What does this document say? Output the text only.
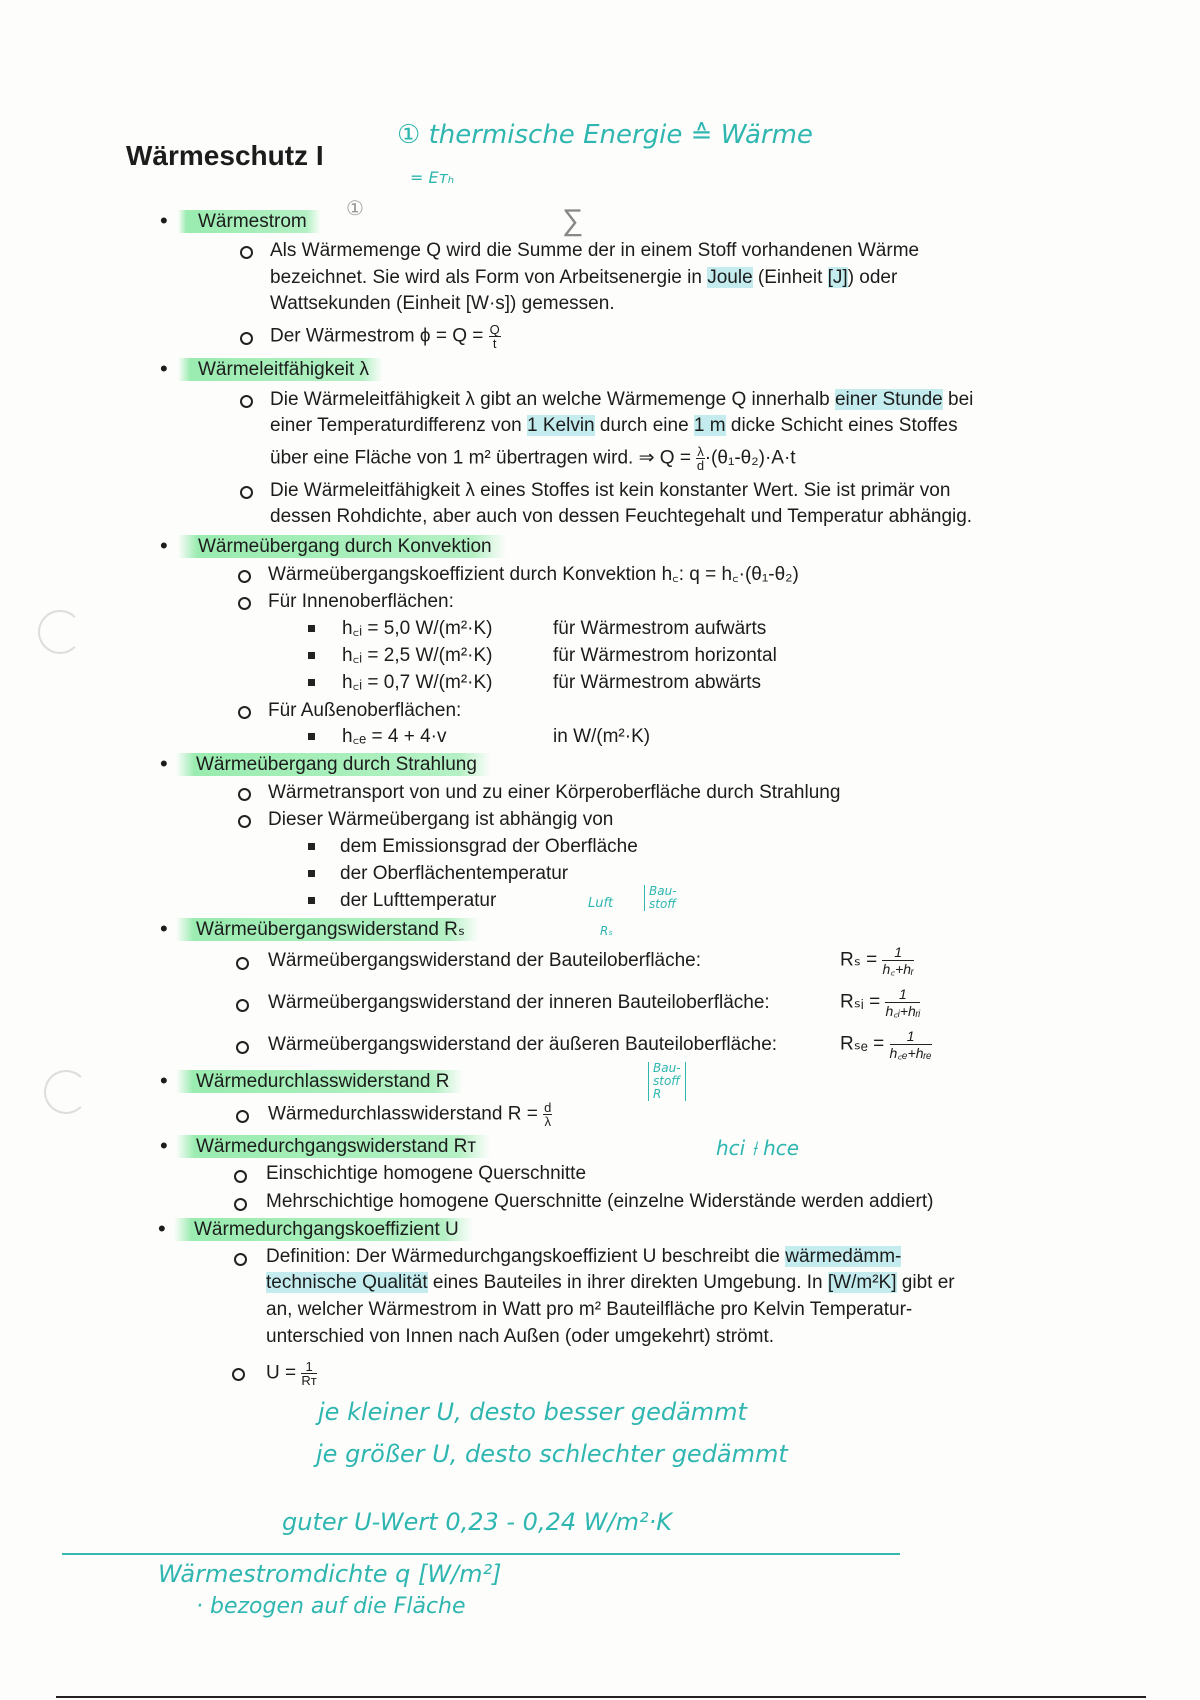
Wärmeschutz I
① thermische Energie ≙ Wärme
= Eᴛₕ
①	∑
• Wärmestrom
Als Wärmemenge Q wird die Summe der in einem Stoff vorhandenen Wärme
bezeichnet. Sie wird als Form von Arbeitsenergie in Joule (Einheit [J]) oder
Wattsekunden (Einheit [W·s]) gemessen.
Der Wärmestrom $\phi = Q = \frac{Q}{t}$
• Wärmeleitfähigkeit λ
Die Wärmeleitfähigkeit λ gibt an welche Wärmemenge Q innerhalb einer Stunde bei
einer Temperaturdifferenz von 1 Kelvin durch eine 1 m dicke Schicht eines Stoffes
über eine Fläche von 1 m² übertragen wird. ⇒ $Q = \frac{\lambda}{d} \cdot(\theta_1-\theta_2)\cdot A\cdot t$
Die Wärmeleitfähigkeit λ eines Stoffes ist kein konstanter Wert. Sie ist primär von
dessen Rohdichte, aber auch von dessen Feuchtegehalt und Temperatur abhängig.
• Wärmeübergang durch Konvektion
Wärmeübergangskoeffizient durch Konvektion h꜀: q = h꜀·(θ₁-θ₂)
Für Innenoberflächen:
h꜀ᵢ = 5,0 W/(m²·K)	für Wärmestrom aufwärts
h꜀ᵢ = 2,5 W/(m²·K)	für Wärmestrom horizontal
h꜀ᵢ = 0,7 W/(m²·K)	für Wärmestrom abwärts
Für Außenoberflächen:
h꜀ₑ = 4 + 4·v	in W/(m²·K)
• Wärmeübergang durch Strahlung
Wärmetransport von und zu einer Körperoberfläche durch Strahlung
Dieser Wärmeübergang ist abhängig von
dem Emissionsgrad der Oberfläche
der Oberflächentemperatur
der Lufttemperatur	Luft
Bau-
stoff
Rₛ
• Wärmeübergangswiderstand Rₛ
Wärmeübergangswiderstand der Bauteiloberfläche:	$R_s = \frac{1}{\text{h꜀+hᵣ}}$
Wärmeübergangswiderstand der inneren Bauteiloberfläche:	Rₛᵢ =	1
h꜀ᵢ+hᵣᵢ
Wärmeübergangswiderstand der äußeren Bauteiloberfläche:	Rₛₑ =	1
h꜀ₑ+hᵣₑ
• Wärmedurchlasswiderstand R
Wärmedurchlasswiderstand $R = \frac{d}{\lambda}$
Bau-
stoff
R
• Wärmedurchgangswiderstand Rᴛ	hci ⟊ hce
Einschichtige homogene Querschnitte
Mehrschichtige homogene Querschnitte (einzelne Widerstände werden addiert)
• Wärmedurchgangskoeffizient U
Definition: Der Wärmedurchgangskoeffizient U beschreibt die wärmedämm-
technische Qualität eines Bauteiles in ihrer direkten Umgebung. In [W/m²K] gibt er
an, welcher Wärmestrom in Watt pro m² Bauteilfläche pro Kelvin Temperatur-
unterschied von Innen nach Außen (oder umgekehrt) strömt.
$U = \frac{1}{\text{Rᴛ}}$
je kleiner U, desto besser gedämmt
je größer U, desto schlechter gedämmt
guter U-Wert 0,23 - 0,24 W/m²·K
Wärmestromdichte q [W/m²]
· bezogen auf die Fläche
